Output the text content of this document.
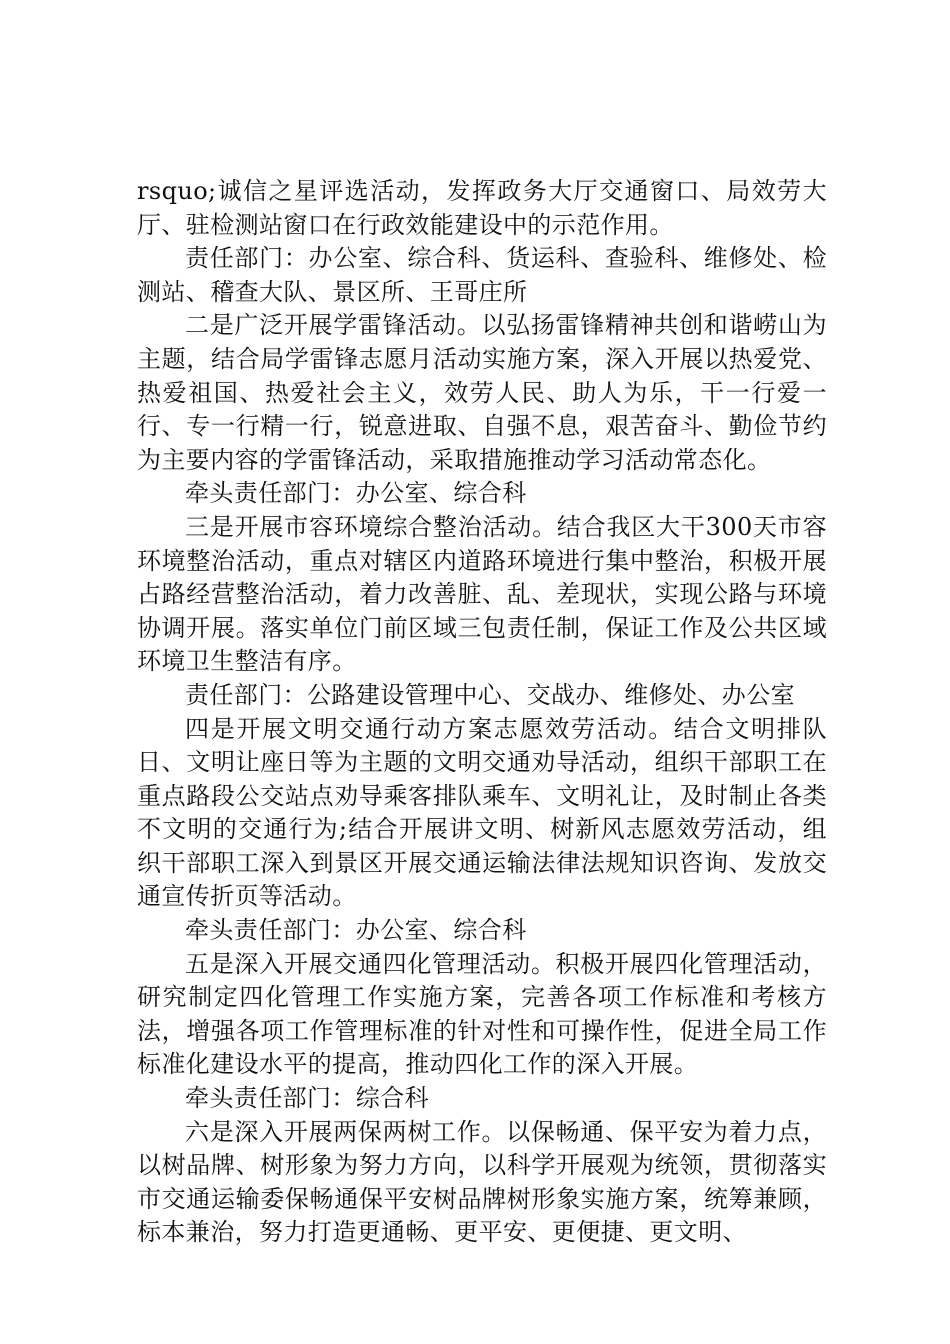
rsquo;诚信之星评选活动，发挥政务大厅交通窗口、局效劳大厅、驻检测站窗口在行政效能建设中的示范作用。

责任部门：办公室、综合科、货运科、查验科、维修处、检测站、稽查大队、景区所、王哥庄所

二是广泛开展学雷锋活动。以弘扬雷锋精神共创和谐崂山为主题，结合局学雷锋志愿月活动实施方案，深入开展以热爱党、热爱祖国、热爱社会主义，效劳人民、助人为乐，干一行爱一行、专一行精一行，锐意进取、自强不息，艰苦奋斗、勤俭节约为主要内容的学雷锋活动，采取措施推动学习活动常态化。

牵头责任部门：办公室、综合科

三是开展市容环境综合整治活动。结合我区大干300天市容环境整治活动，重点对辖区内道路环境进行集中整治，积极开展占路经营整治活动，着力改善脏、乱、差现状，实现公路与环境协调开展。落实单位门前区域三包责任制，保证工作及公共区域环境卫生整洁有序。

责任部门：公路建设管理中心、交战办、维修处、办公室

四是开展文明交通行动方案志愿效劳活动。结合文明排队日、文明让座日等为主题的文明交通劝导活动，组织干部职工在重点路段公交站点劝导乘客排队乘车、文明礼让，及时制止各类不文明的交通行为;结合开展讲文明、树新风志愿效劳活动，组织干部职工深入到景区开展交通运输法律法规知识咨询、发放交通宣传折页等活动。

牵头责任部门：办公室、综合科

五是深入开展交通四化管理活动。积极开展四化管理活动，研究制定四化管理工作实施方案，完善各项工作标准和考核方法，增强各项工作管理标准的针对性和可操作性，促进全局工作标准化建设水平的提高，推动四化工作的深入开展。

牵头责任部门：综合科

六是深入开展两保两树工作。以保畅通、保平安为着力点，以树品牌、树形象为努力方向，以科学开展观为统领，贯彻落实市交通运输委保畅通保平安树品牌树形象实施方案，统筹兼顾，标本兼治，努力打造更通畅、更平安、更便捷、更文明、
